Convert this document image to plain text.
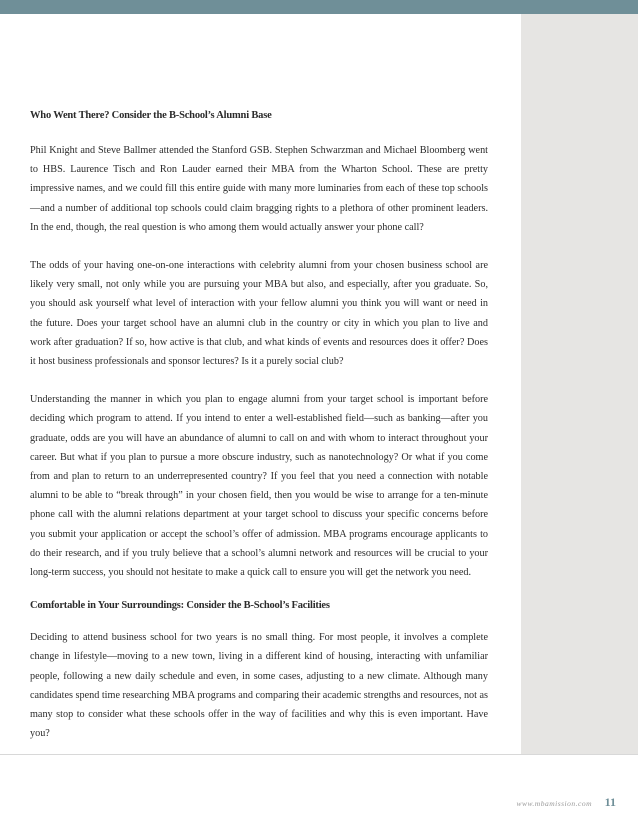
Who Went There? Consider the B-School’s Alumni Base

Phil Knight and Steve Ballmer attended the Stanford GSB. Stephen Schwarzman and Michael Bloomberg went to HBS. Laurence Tisch and Ron Lauder earned their MBA from the Wharton School. These are pretty impressive names, and we could fill this entire guide with many more luminaries from each of these top schools—and a number of additional top schools could claim bragging rights to a plethora of other prominent leaders. In the end, though, the real question is who among them would actually answer your phone call?

The odds of your having one-on-one interactions with celebrity alumni from your chosen business school are likely very small, not only while you are pursuing your MBA but also, and especially, after you graduate. So, you should ask yourself what level of interaction with your fellow alumni you think you will want or need in the future. Does your target school have an alumni club in the country or city in which you plan to live and work after graduation? If so, how active is that club, and what kinds of events and resources does it offer? Does it host business professionals and sponsor lectures? Is it a purely social club?

Understanding the manner in which you plan to engage alumni from your target school is important before deciding which program to attend. If you intend to enter a well-established field—such as banking—after you graduate, odds are you will have an abundance of alumni to call on and with whom to interact throughout your career. But what if you plan to pursue a more obscure industry, such as nanotechnology? Or what if you come from and plan to return to an underrepresented country? If you feel that you need a connection with notable alumni to be able to “break through” in your chosen field, then you would be wise to arrange for a ten-minute phone call with the alumni relations department at your target school to discuss your specific concerns before you submit your application or accept the school’s offer of admission. MBA programs encourage applicants to do their research, and if you truly believe that a school’s alumni network and resources will be crucial to your long-term success, you should not hesitate to make a quick call to ensure you will get the network you need.

Comfortable in Your Surroundings: Consider the B-School’s Facilities

Deciding to attend business school for two years is no small thing. For most people, it involves a complete change in lifestyle—moving to a new town, living in a different kind of housing, interacting with unfamiliar people, following a new daily schedule and even, in some cases, adjusting to a new climate. Although many candidates spend time researching MBA programs and comparing their academic strengths and resources, not as many stop to consider what these schools offer in the way of facilities and why this is even important. Have you?

www.mbamission.com 11
